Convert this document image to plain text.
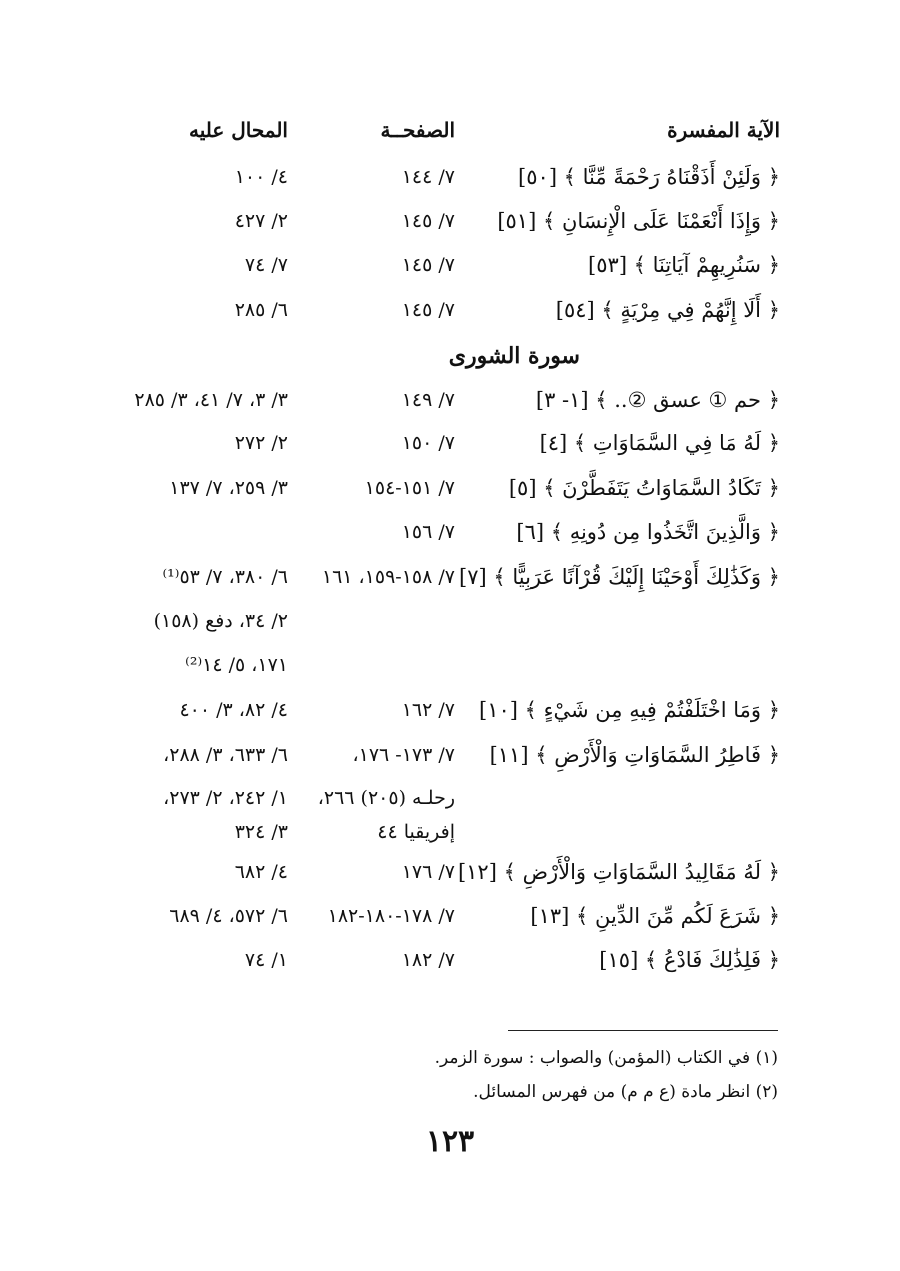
الآية المفسرة
الصفحــة
المحال عليه
﴿ وَلَئِنْ أَذَقْنَاهُ رَحْمَةً مِّنَّا ﴾ [٥٠]
٧/ ١٤٤
٤/ ١٠٠
﴿ وَإِذَا أَنْعَمْنَا عَلَى الْإِنسَانِ ﴾ [٥١]
٧/ ١٤٥
٢/ ٤٢٧
﴿ سَنُرِيهِمْ آيَاتِنَا ﴾ [٥٣]
٧/ ١٤٥
٧/ ٧٤
﴿ أَلَا إِنَّهُمْ فِي مِرْيَةٍ ﴾ [٥٤]
٧/ ١٤٥
٦/ ٢٨٥
سورة الشورى
﴿ حم ① عسق ②.. ﴾ [١- ٣]
٧/ ١٤٩
٣/ ٣، ٧/ ٤١، ٣/ ٢٨٥
﴿ لَهُ مَا فِي السَّمَاوَاتِ ﴾ [٤]
٧/ ١٥٠
٢/ ٢٧٢
﴿ تَكَادُ السَّمَاوَاتُ يَتَفَطَّرْنَ ﴾ [٥]
٧/ ١٥١-١٥٤
٣/ ٢٥٩، ٧/ ١٣٧
﴿ وَالَّذِينَ اتَّخَذُوا مِن دُونِهِ ﴾ [٦]
٧/ ١٥٦
﴿ وَكَذَٰلِكَ أَوْحَيْنَا إِلَيْكَ قُرْآنًا عَرَبِيًّا ﴾ [٧]
٧/ ١٥٨-١٥٩، ١٦١
٦/ ٣٨٠، ٧/ ٥٣⁽¹⁾
٢/ ٣٤، دفع (١٥٨)
١٧١، ٥/ ١٤⁽²⁾
﴿ وَمَا اخْتَلَفْتُمْ فِيهِ مِن شَيْءٍ ﴾ [١٠]
٧/ ١٦٢
٤/ ٨٢، ٣/ ٤٠٠
﴿ فَاطِرُ السَّمَاوَاتِ وَالْأَرْضِ ﴾ [١١]
٧/ ١٧٣- ١٧٦،
٦/ ٦٣٣، ٣/ ٢٨٨،
رحلـه (٢٠٥) ٢٦٦،
١/ ٢٤٢، ٢/ ٢٧٣،
إفريقيا ٤٤
٣/ ٣٢٤
﴿ لَهُ مَقَالِيدُ السَّمَاوَاتِ وَالْأَرْضِ ﴾ [١٢]
٧/ ١٧٦
٤/ ٦٨٢
﴿ شَرَعَ لَكُم مِّنَ الدِّينِ ﴾ [١٣]
٧/ ١٧٨-١٨٠-١٨٢
٦/ ٥٧٢، ٤/ ٦٨٩
﴿ فَلِذَٰلِكَ فَادْعُ ﴾ [١٥]
٧/ ١٨٢
١/ ٧٤
(١) في الكتاب (المؤمن) والصواب : سورة الزمر.
(٢) انظر مادة (ع م م) من فهرس المسائل.
١٢٣
